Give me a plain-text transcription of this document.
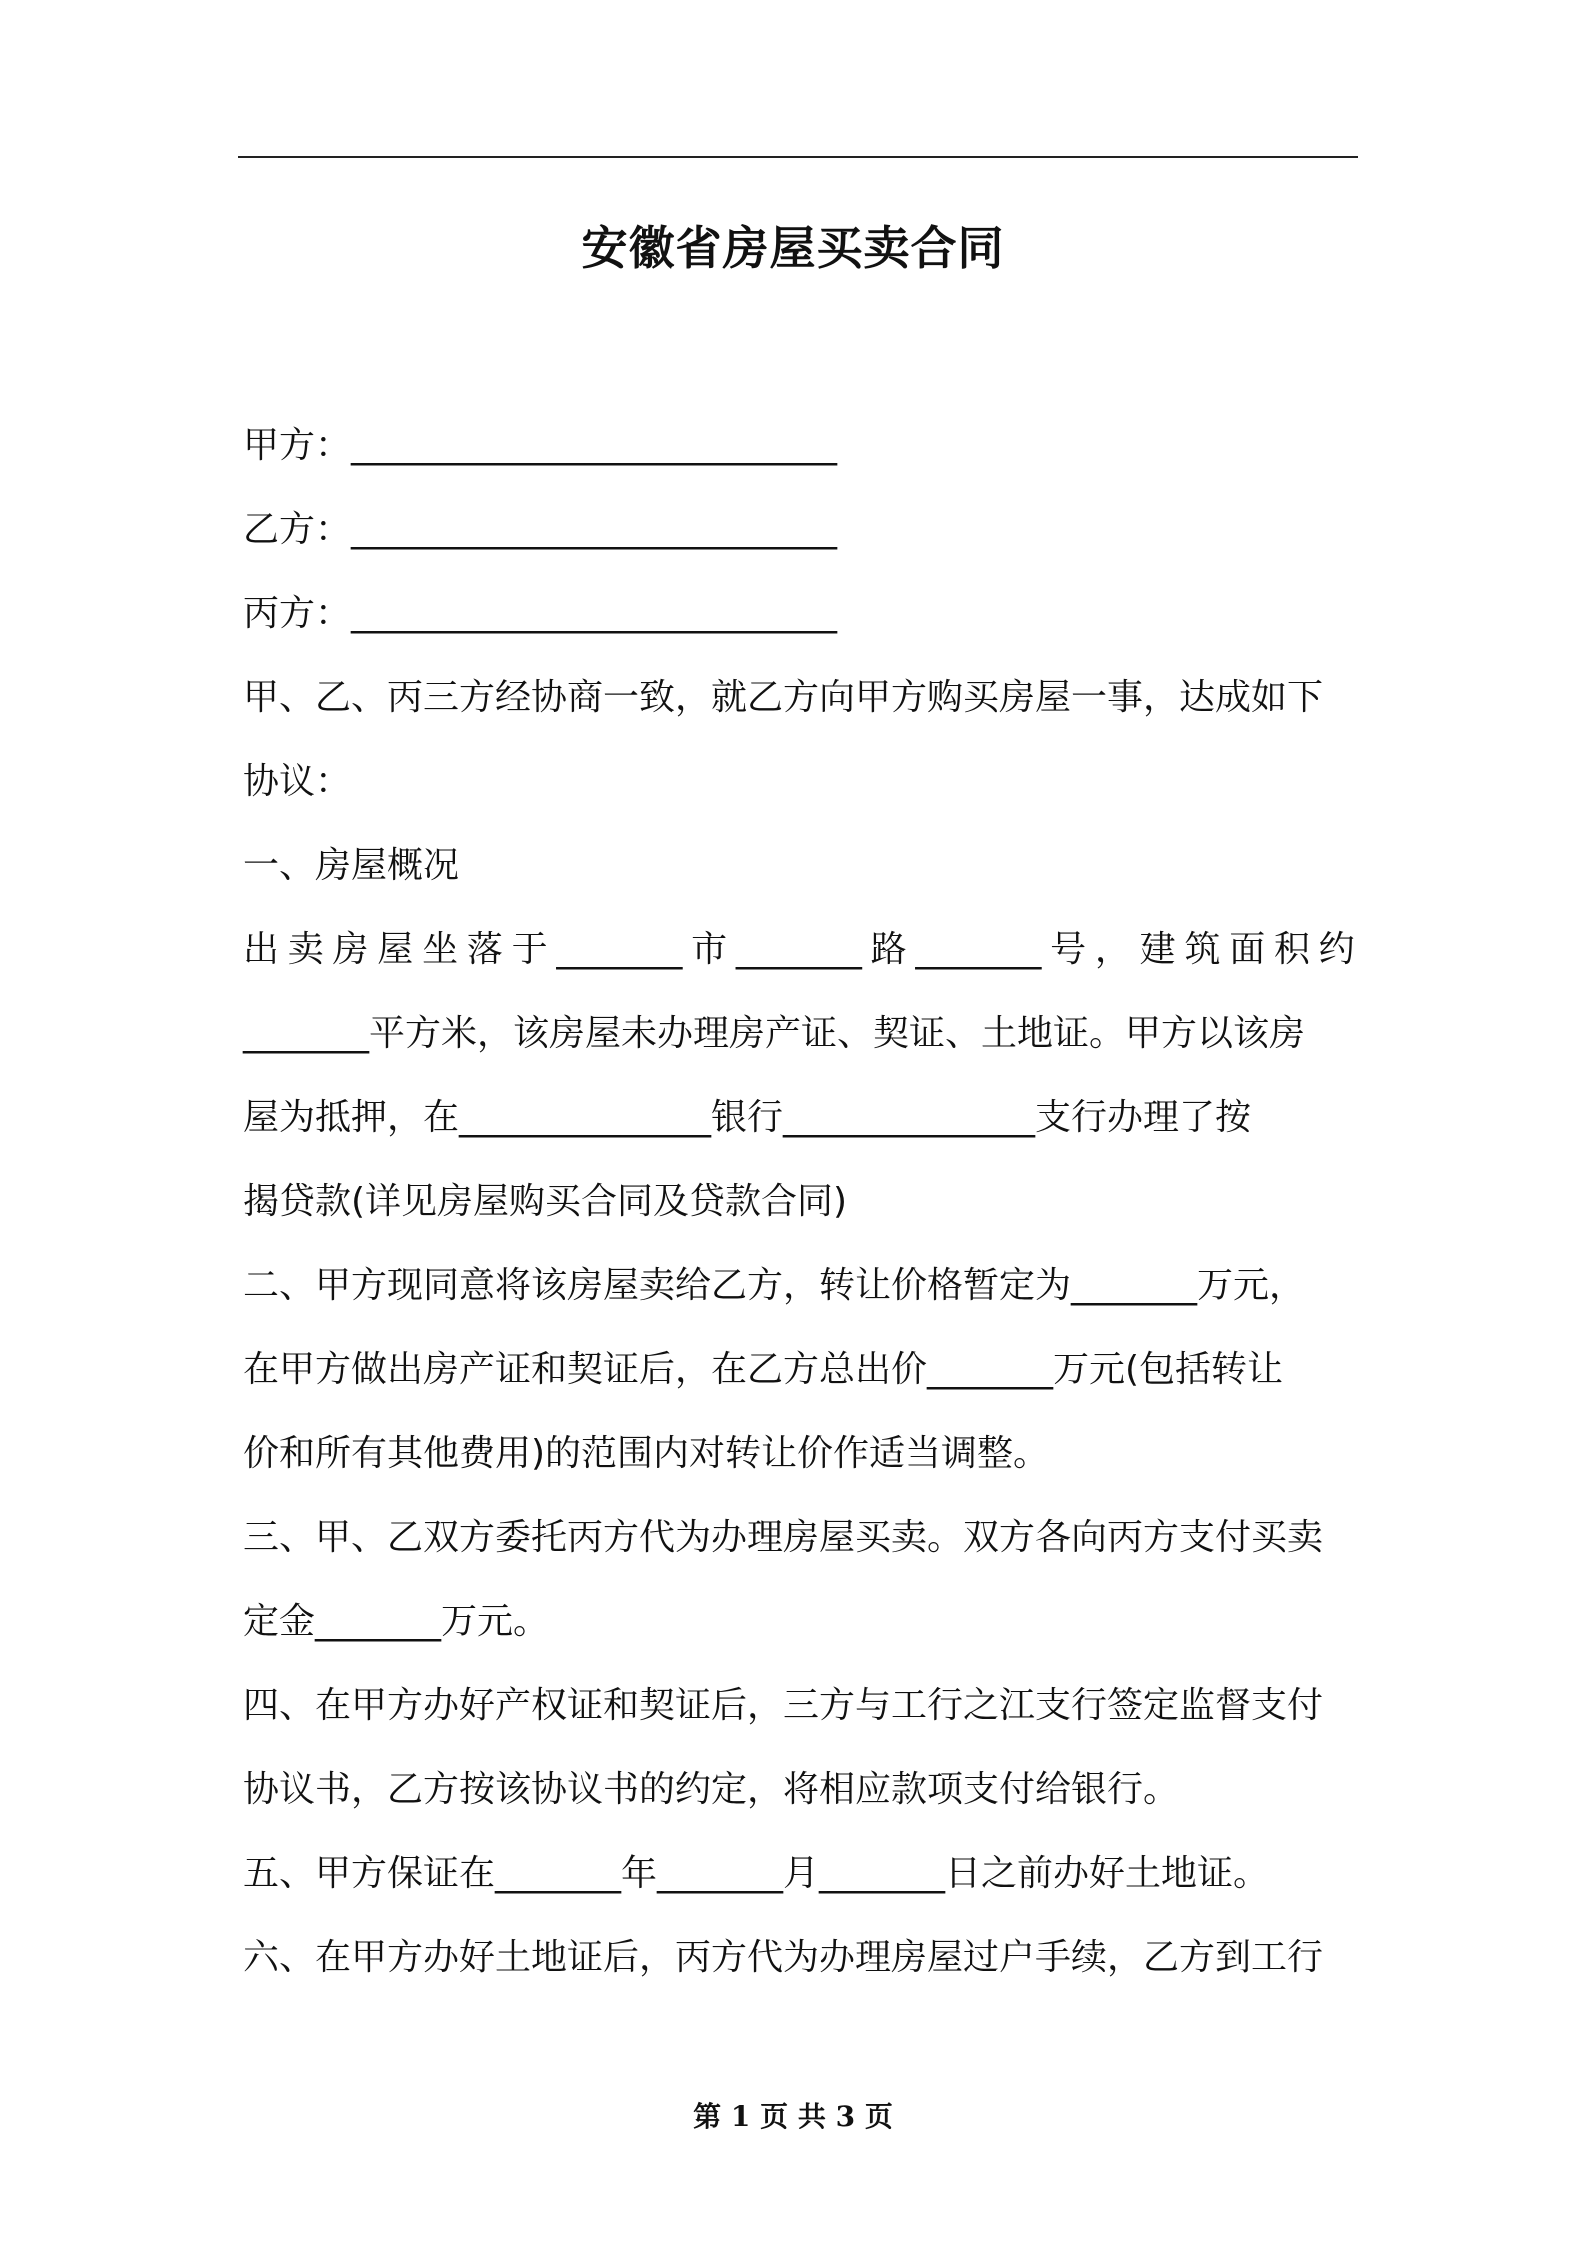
安徽省房屋买卖合同
甲方：___________________________
乙方：___________________________
丙方：___________________________
甲、乙、丙三方经协商一致，就乙方向甲方购买房屋一事，达成如下
协议：
一、房屋概况
出 卖 房 屋 坐 落 于 _______ 市 _______ 路 _______ 号 ， 建 筑 面 积 约
_______平方米，该房屋未办理房产证、契证、土地证。甲方以该房
屋为抵押，在______________银行______________支行办理了按
揭贷款(详见房屋购买合同及贷款合同)
二、甲方现同意将该房屋卖给乙方，转让价格暂定为_______万元，
在甲方做出房产证和契证后，在乙方总出价_______万元(包括转让
价和所有其他费用)的范围内对转让价作适当调整。
三、甲、乙双方委托丙方代为办理房屋买卖。双方各向丙方支付买卖
定金_______万元。
四、在甲方办好产权证和契证后，三方与工行之江支行签定监督支付
协议书，乙方按该协议书的约定，将相应款项支付给银行。
五、甲方保证在_______年_______月_______日之前办好土地证。
六、在甲方办好土地证后，丙方代为办理房屋过户手续，乙方到工行
第 1 页 共 3 页
